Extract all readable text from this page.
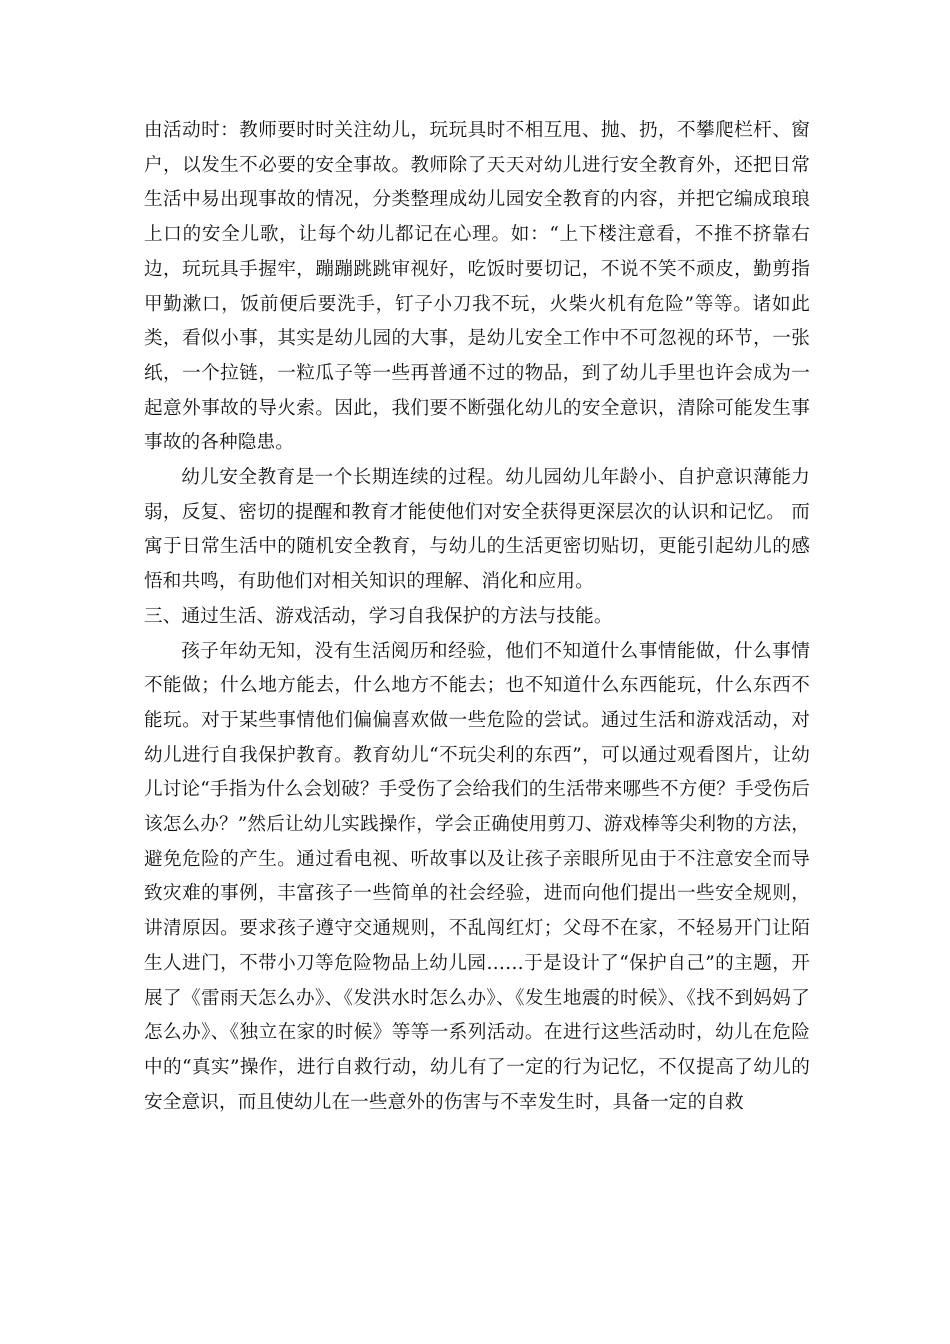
由活动时：教师要时时关注幼儿，玩玩具时不相互甩、抛、扔，不攀爬栏杆、窗户，以发生不必要的安全事故。教师除了天天对幼儿进行安全教育外，还把日常生活中易出现事故的情况，分类整理成幼儿园安全教育的内容，并把它编成琅琅上口的安全儿歌，让每个幼儿都记在心理。如：“上下楼注意看，不推不挤靠右边，玩玩具手握牢，蹦蹦跳跳审视好，吃饭时要切记，不说不笑不顽皮，勤剪指甲勤漱口，饭前便后要洗手，钉子小刀我不玩，火柴火机有危险”等等。诸如此类，看似小事，其实是幼儿园的大事，是幼儿安全工作中不可忽视的环节，一张纸，一个拉链，一粒瓜子等一些再普通不过的物品，到了幼儿手里也许会成为一起意外事故的导火索。因此，我们要不断强化幼儿的安全意识，清除可能发生事事故的各种隐患。

幼儿安全教育是一个长期连续的过程。幼儿园幼儿年龄小、自护意识薄能力弱，反复、密切的提醒和教育才能使他们对安全获得更深层次的认识和记忆。 而寓于日常生活中的随机安全教育，与幼儿的生活更密切贴切，更能引起幼儿的感悟和共鸣，有助他们对相关知识的理解、消化和应用。

三、通过生活、游戏活动，学习自我保护的方法与技能。

孩子年幼无知，没有生活阅历和经验，他们不知道什么事情能做，什么事情不能做；什么地方能去，什么地方不能去；也不知道什么东西能玩，什么东西不能玩。对于某些事情他们偏偏喜欢做一些危险的尝试。通过生活和游戏活动，对幼儿进行自我保护教育。教育幼儿“不玩尖利的东西”，可以通过观看图片，让幼儿讨论“手指为什么会划破？手受伤了会给我们的生活带来哪些不方便？手受伤后该怎么办？”然后让幼儿实践操作，学会正确使用剪刀、游戏棒等尖利物的方法，避免危险的产生。通过看电视、听故事以及让孩子亲眼所见由于不注意安全而导致灾难的事例，丰富孩子一些简单的社会经验，进而向他们提出一些安全规则，讲清原因。要求孩子遵守交通规则，不乱闯红灯；父母不在家，不轻易开门让陌生人进门，不带小刀等危险物品上幼儿园……于是设计了“保护自己”的主题，开展了《雷雨天怎么办》、《发洪水时怎么办》、《发生地震的时候》、《找不到妈妈了怎么办》、《独立在家的时候》等等一系列活动。在进行这些活动时，幼儿在危险中的“真实”操作，进行自救行动，幼儿有了一定的行为记忆，不仅提高了幼儿的安全意识，而且使幼儿在一些意外的伤害与不幸发生时，具备一定的自救
